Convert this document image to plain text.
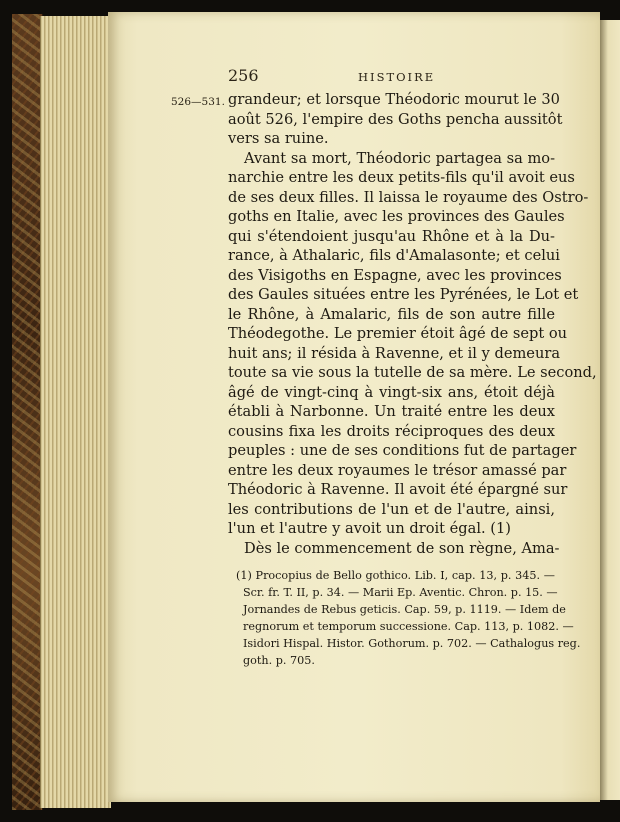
256	HISTOIRE
526—531. grandeur; et lorsque Théodoric mourut le 30
août 526, l'empire des Goths pencha aussitôt
vers sa ruine.
Avant sa mort, Théodoric partagea sa mo-
narchie entre les deux petits-fils qu'il avoit eus
de ses deux filles. Il laissa le royaume des Ostro-
goths en Italie, avec les provinces des Gaules
qui s'étendoient jusqu'au Rhône et à la Du-
rance, à Athalaric, fils d'Amalasonte; et celui
des Visigoths en Espagne, avec les provinces
des Gaules situées entre les Pyrénées, le Lot et
le Rhône, à Amalaric, fils de son autre fille
Théodegothe. Le premier étoit âgé de sept ou
huit ans; il résida à Ravenne, et il y demeura
toute sa vie sous la tutelle de sa mère. Le second,
âgé de vingt-cinq à vingt-six ans, étoit déjà
établi à Narbonne. Un traité entre les deux
cousins fixa les droits réciproques des deux
peuples : une de ses conditions fut de partager
entre les deux royaumes le trésor amassé par
Théodoric à Ravenne. Il avoit été épargné sur
les contributions de l'un et de l'autre, ainsi,
l'un et l'autre y avoit un droit égal. (1)
Dès le commencement de son règne, Ama-
(1) Procopius de Bello gothico. Lib. I, cap. 13, p. 345. —
Scr. fr. T. II, p. 34. — Marii Ep. Aventic. Chron. p. 15. —
Jornandes de Rebus geticis. Cap. 59, p. 1119. — Idem de
regnorum et temporum successione. Cap. 113, p. 1082. —
Isidori Hispal. Histor. Gothorum. p. 702. — Cathalogus reg.
goth. p. 705.
